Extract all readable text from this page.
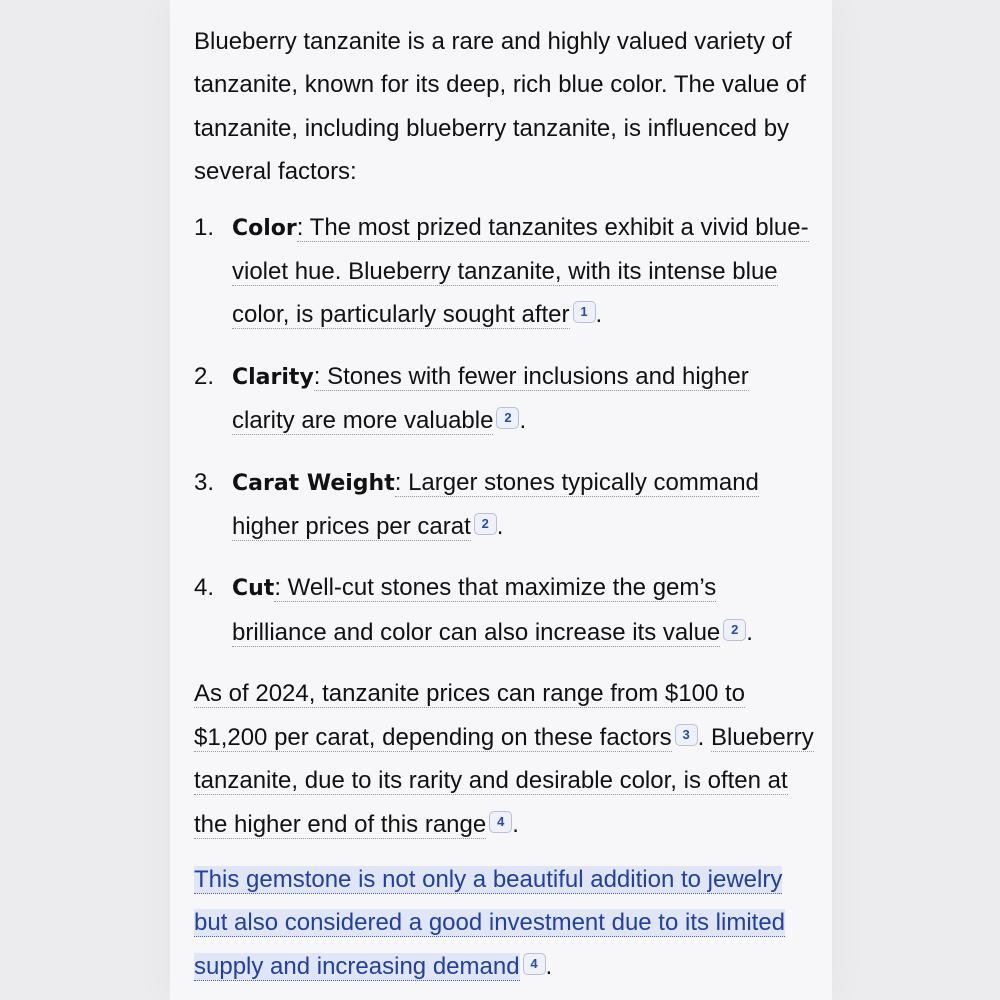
Blueberry tanzanite is a rare and highly valued variety of tanzanite, known for its deep, rich blue color. The value of tanzanite, including blueberry tanzanite, is influenced by several factors:

1. Color: The most prized tanzanites exhibit a vivid blue-violet hue. Blueberry tanzanite, with its intense blue color, is particularly sought after 1 .
2. Clarity: Stones with fewer inclusions and higher clarity are more valuable 2 .
3. Carat Weight: Larger stones typically command higher prices per carat 2 .
4. Cut: Well-cut stones that maximize the gem’s brilliance and color can also increase its value 2 .

As of 2024, tanzanite prices can range from $100 to $1,200 per carat, depending on these factors 3 . Blueberry tanzanite, due to its rarity and desirable color, is often at the higher end of this range 4 .

This gemstone is not only a beautiful addition to jewelry but also considered a good investment due to its limited supply and increasing demand 4 .
